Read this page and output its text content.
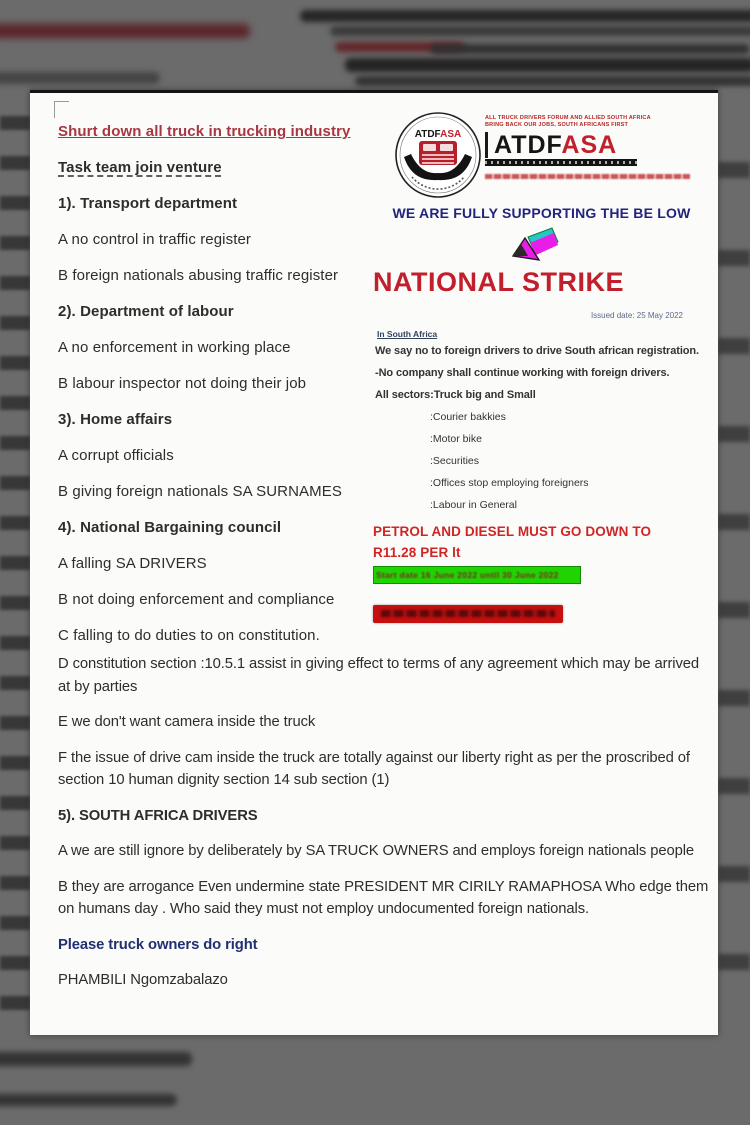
Shurt down all truck in trucking industry
Task team join venture
1). Transport department
A no control in traffic register
B foreign nationals abusing traffic register
2). Department of labour
A no enforcement in working place
B labour inspector not doing their job
3). Home affairs
A corrupt officials
B giving foreign nationals SA SURNAMES
4). National Bargaining council
A falling SA DRIVERS
B not doing enforcement and compliance
C falling to do duties to on constitution.
ATDFASA
ALL TRUCK DRIVERS FORUM AND ALLIED SOUTH AFRICA
BRING BACK OUR JOBS, SOUTH AFRICANS FIRST
ATDFASA
WE ARE FULLY SUPPORTING THE BE LOW
NATIONAL STRIKE
Issued date: 25 May 2022
In South Africa
We say no to foreign drivers to drive South african registration.
-No company shall continue working with foreign drivers.
All sectors:Truck big and Small
:Courier bakkies
:Motor bike
:Securities
:Offices stop employing foreigners
:Labour in General
PETROL AND DIESEL MUST GO DOWN TO R11.28 PER lt
Start date 16 June 2022 until 30 June 2022
D constitution section :10.5.1 assist in giving effect to terms of any agreement which may be arrived at by parties
E we don't want camera inside the truck
F the issue of drive cam inside the truck are totally against our liberty right as per the proscribed of section 10 human dignity section 14 sub section (1)
5). SOUTH AFRICA DRIVERS
A we are still ignore by deliberately by SA TRUCK OWNERS and employs foreign nationals people
B they are arrogance Even undermine state PRESIDENT MR CIRILY RAMAPHOSA Who edge them on humans day . Who said they must not employ undocumented foreign nationals.
Please truck owners do right
PHAMBILI Ngomzabalazo
